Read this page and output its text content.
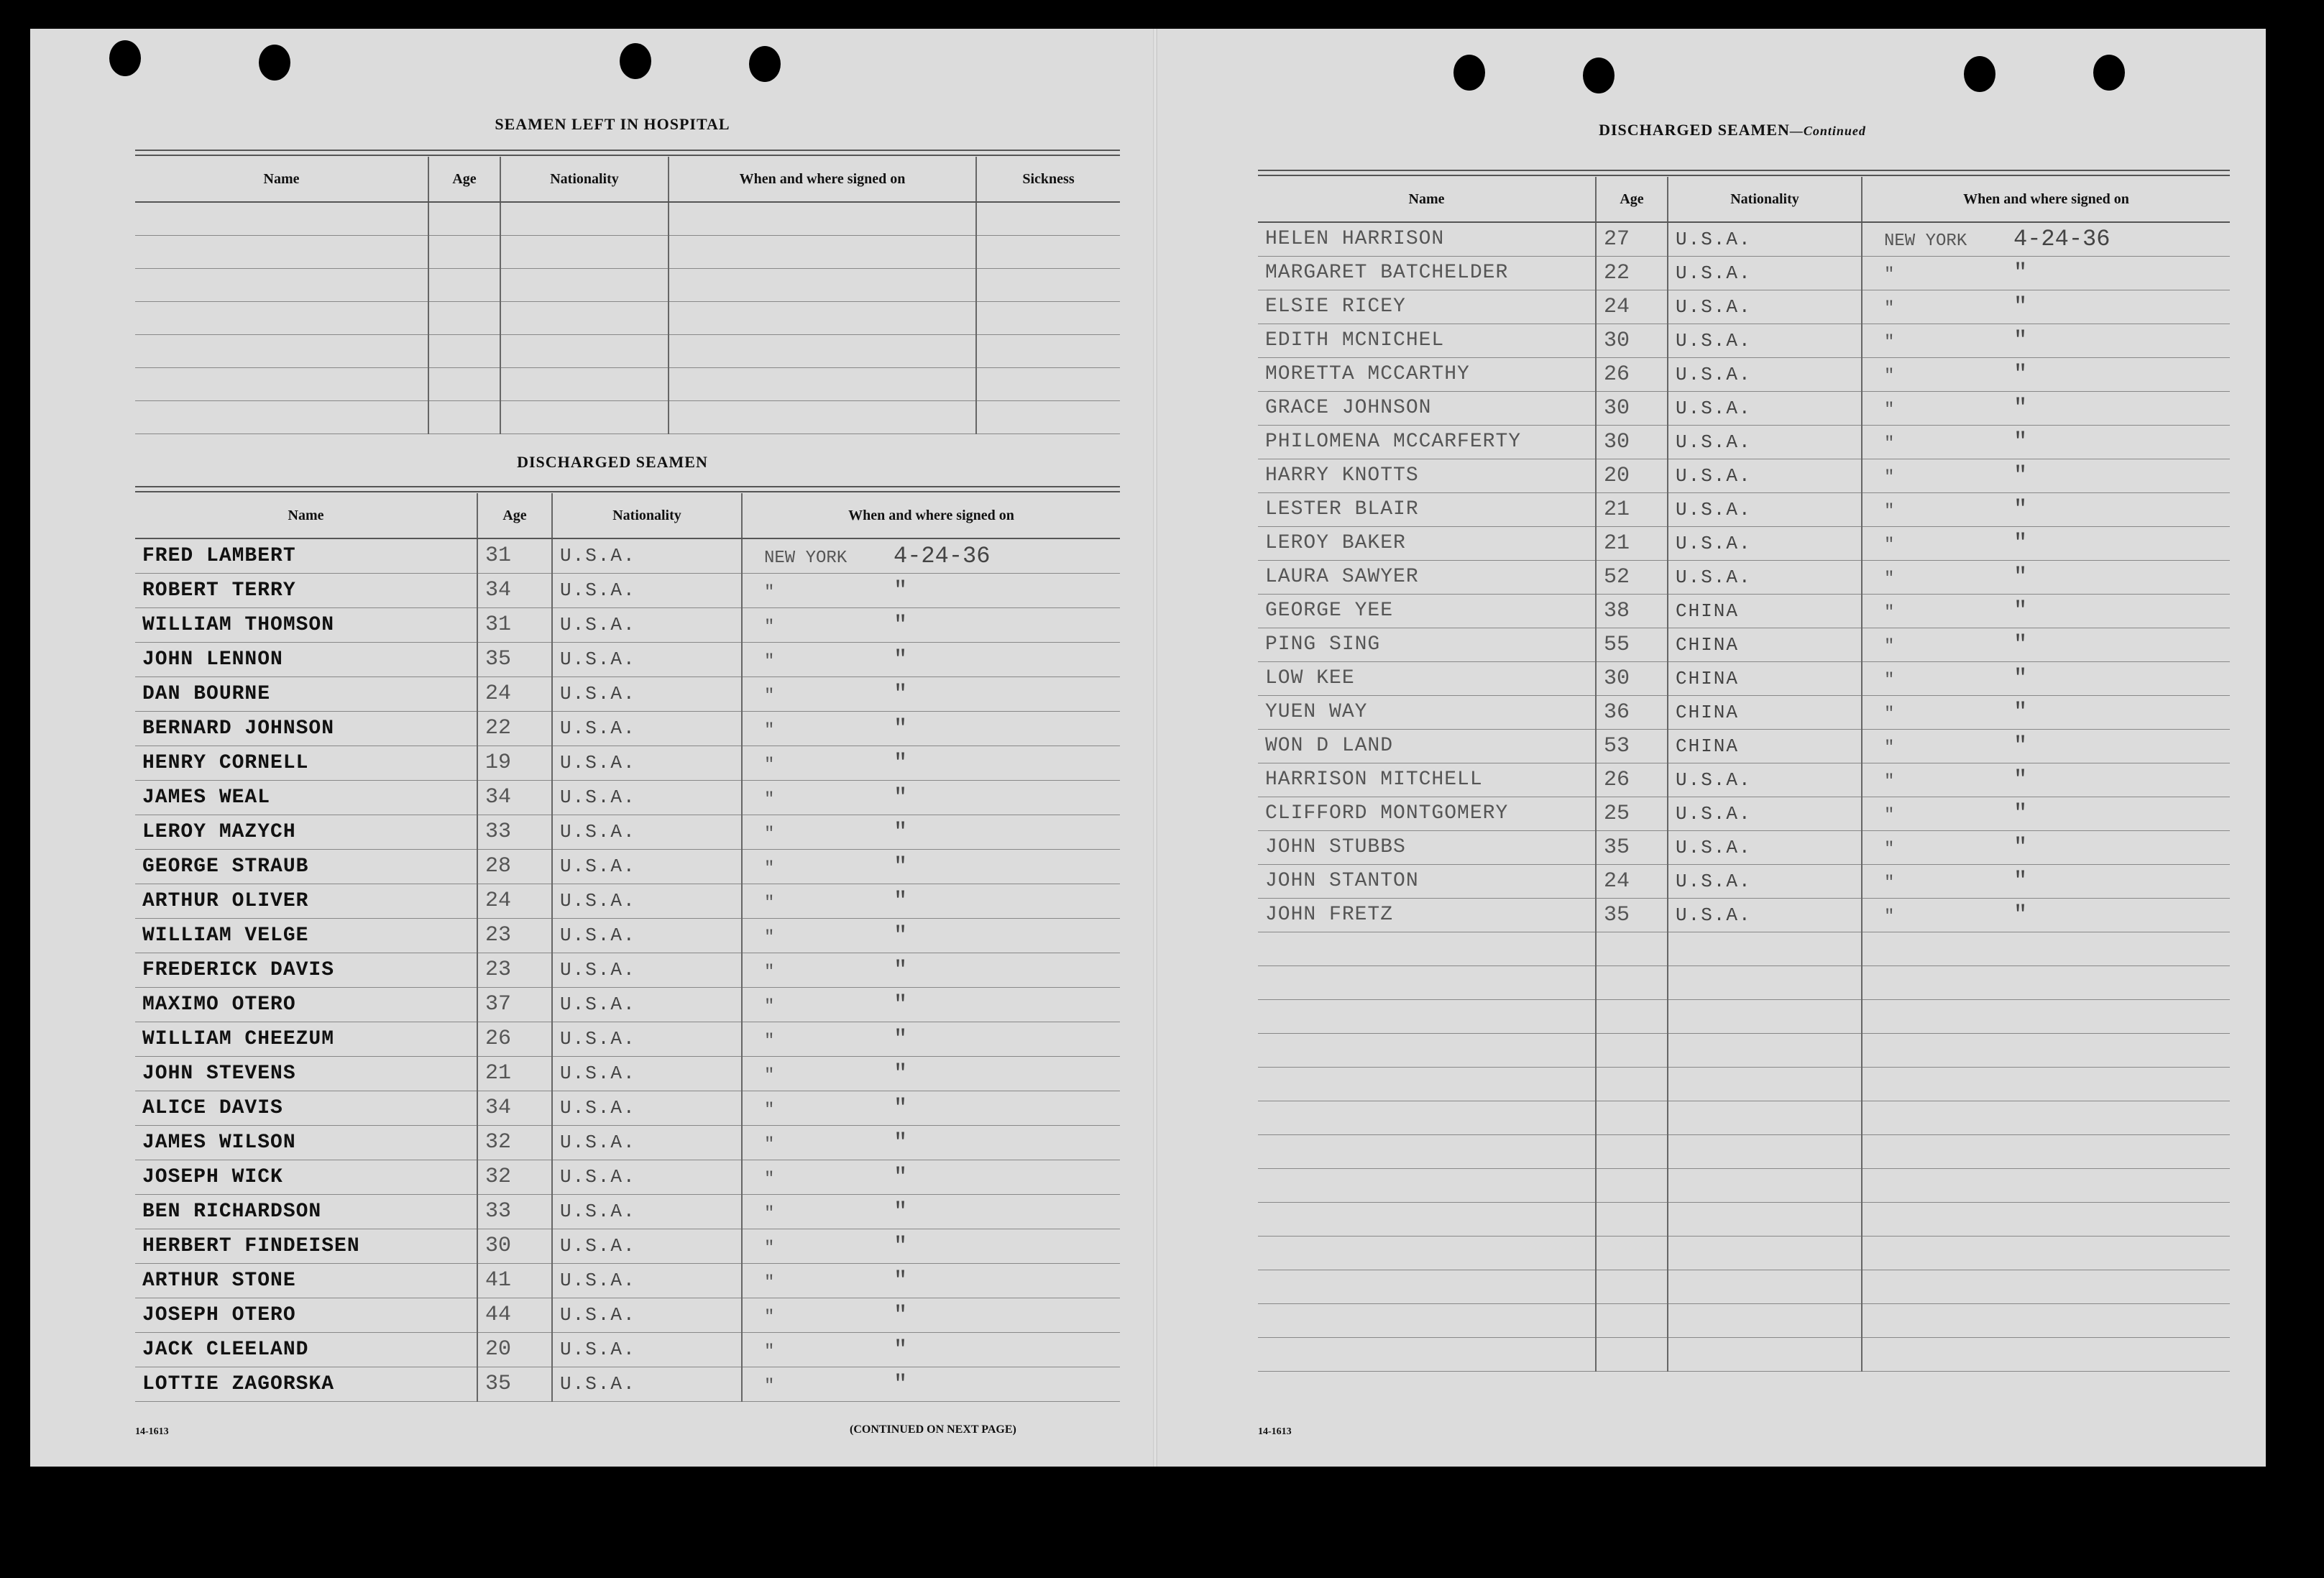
SEAMEN LEFT IN HOSPITAL
Name	Age	Nationality	When and where signed on	Sickness

DISCHARGED SEAMEN
Name	Age	Nationality	When and where signed on
FRED LAMBERT	31	U.S.A.	NEW YORK 4-24-36
ROBERT TERRY	34	U.S.A.	" "
WILLIAM THOMSON	31	U.S.A.	" "
JOHN LENNON	35	U.S.A.	" "
DAN BOURNE	24	U.S.A.	" "
BERNARD JOHNSON	22	U.S.A.	" "
HENRY CORNELL	19	U.S.A.	" "
JAMES WEAL	34	U.S.A.	" "
LEROY MAZYCH	33	U.S.A.	" "
GEORGE STRAUB	28	U.S.A.	" "
ARTHUR OLIVER	24	U.S.A.	" "
WILLIAM VELGE	23	U.S.A.	" "
FREDERICK DAVIS	23	U.S.A.	" "
MAXIMO OTERO	37	U.S.A.	" "
WILLIAM CHEEZUM	26	U.S.A.	" "
JOHN STEVENS	21	U.S.A.	" "
ALICE DAVIS	34	U.S.A.	" "
JAMES WILSON	32	U.S.A.	" "
JOSEPH WICK	32	U.S.A.	" "
BEN RICHARDSON	33	U.S.A.	" "
HERBERT FINDEISEN	30	U.S.A.	" "
ARTHUR STONE	41	U.S.A.	" "
JOSEPH OTERO	44	U.S.A.	" "
JACK CLEELAND	20	U.S.A.	" "
LOTTIE ZAGORSKA	35	U.S.A.	" "
14-1613	(CONTINUED ON NEXT PAGE)
DISCHARGED SEAMEN—Continued
Name	Age	Nationality	When and where signed on
HELEN HARRISON	27	U.S.A.	NEW YORK 4-24-36
MARGARET BATCHELDER	22	U.S.A.	" "
ELSIE RICEY	24	U.S.A.	" "
EDITH MCNICHEL	30	U.S.A.	" "
MORETTA MCCARTHY	26	U.S.A.	" "
GRACE JOHNSON	30	U.S.A.	" "
PHILOMENA MCCARFERTY	30	U.S.A.	" "
HARRY KNOTTS	20	U.S.A.	" "
LESTER BLAIR	21	U.S.A.	" "
LEROY BAKER	21	U.S.A.	" "
LAURA SAWYER	52	U.S.A.	" "
GEORGE YEE	38	CHINA	" "
PING SING	55	CHINA	" "
LOW KEE	30	CHINA	" "
YUEN WAY	36	CHINA	" "
WON D LAND	53	CHINA	" "
HARRISON MITCHELL	26	U.S.A.	" "
CLIFFORD MONTGOMERY	25	U.S.A.	" "
JOHN STUBBS	35	U.S.A.	" "
JOHN STANTON	24	U.S.A.	" "
JOHN FRETZ	35	U.S.A.	" "

14-1613
